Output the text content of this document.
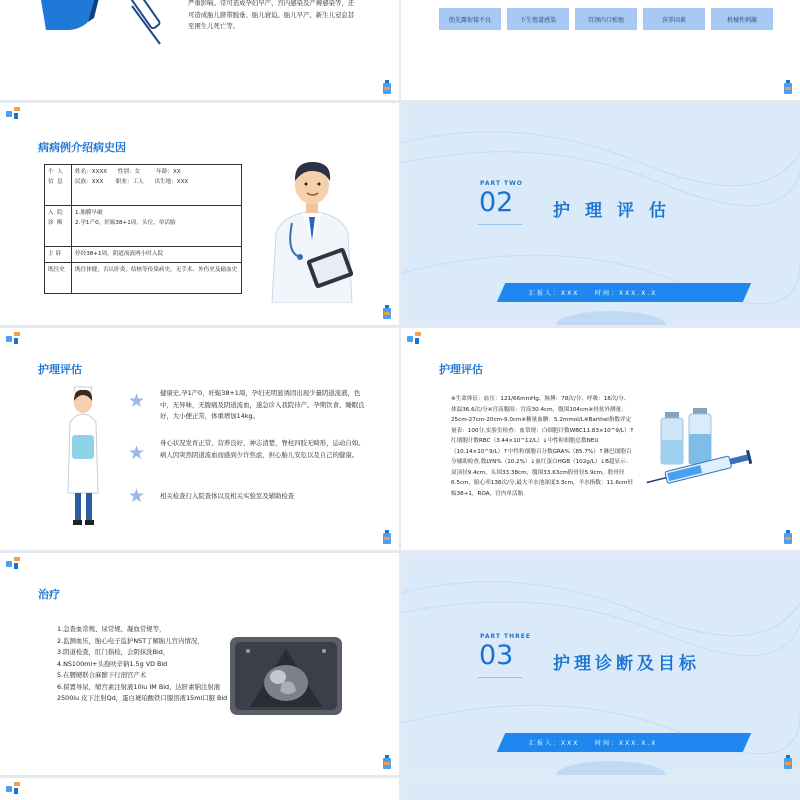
严重影响。常可造成孕妇早产、宫内感染及产褥感染等，还可造成胎儿脐带脱垂、胎儿窘迫、胎儿早产、新生儿窒息甚至围生儿死亡等。
胎先露衔接不良	下生殖道感染	宫颈内口松弛	营养因素	机械性刺激
病病例介绍病史因
个  人
信  息	姓名：XXXX      性别：女         年龄：XX
民族：XXX       职业：工人      出生地：XXX
入  院
诊  断	1.胎膜早破
2.孕1产0，妊娠38+1周，头位，单活胎
主 诉	停经38+1周，阴道流液两小时入院
既往史	既往体健，否认肝炎、结核等传染病史，无手术、外伤史及输血史
PART TWO
02 护理评估
汇报人：XXX    时间：XXX.X.X
护理评估
★
★
★
健康史,孕1产0，妊娠38+1周，孕妇无明显诱因出现少量阴道流液，色中，无异味，无腹痛及阴道流血，遂急诊入我院待产。孕期饮食、睡眠良好，大小便正常，体重增加14kg。
身心状况发育正常、营养良好，神志清楚，脊柱四肢无畸形，运动自如。病人因突然阴道流血而感到少许焦虑，担心胎儿安危以及自己的健康。
相关检查行入院查体以及相关实验室及辅助检查
护理评估
※生命体征：血压：121/66mmHg、脉搏：78次/分、呼吸：18次/分、体温36.6次/分※宫高腹围：宫高30.4cm，腹围104cm※骨盆外测量：25cm-27cm-20cm-9.0cm※糖量血糖：5.2mmol/L※Barthel指数评定量表：100分,实验室检查：血常规：白细胞计数WBC11.83×10^9/L）↑红细胞计数RBC（3.44×10^12/L）↓中性粒细胞总数NEU（10.14×10^9/L）↑中性粒细胞百分数GRA%（85.7%）↑淋巴细胞百分辅助检查,数LYN%（10.2%）↓血红蛋白HGB（102g/L）↓B超显示：双顶径9.4cm，头围33.38cm，腹围33.63cm股骨径5.9cm，股骨径6.5cm，胎心率138次/分,最大羊水池深度3.3cm，羊水指数：11.6cm妊娠38+1，ROA，宫内单活胎
治疗
1.急查血常规、尿常规、凝血常规等，
2.监测血压，胎心电子监护NST了解胎儿宫内情况，
3.阴道检查，肛门指检，会阴抹洗Bid，
4.NS100ml+头孢呋辛钠1.5g VD Bid
5.在腰硬联合麻醉下行剖宫产术
6.留置导尿，缩宫素注射液10iu IM Bid，达肝素钠注射液2500iu 皮下注射Qd，蛋白琥珀酸铁口服溶液15ml口服 Bid
PART THREE
03 护理诊断及目标
汇报人：XXX    时间：XXX.X.X
